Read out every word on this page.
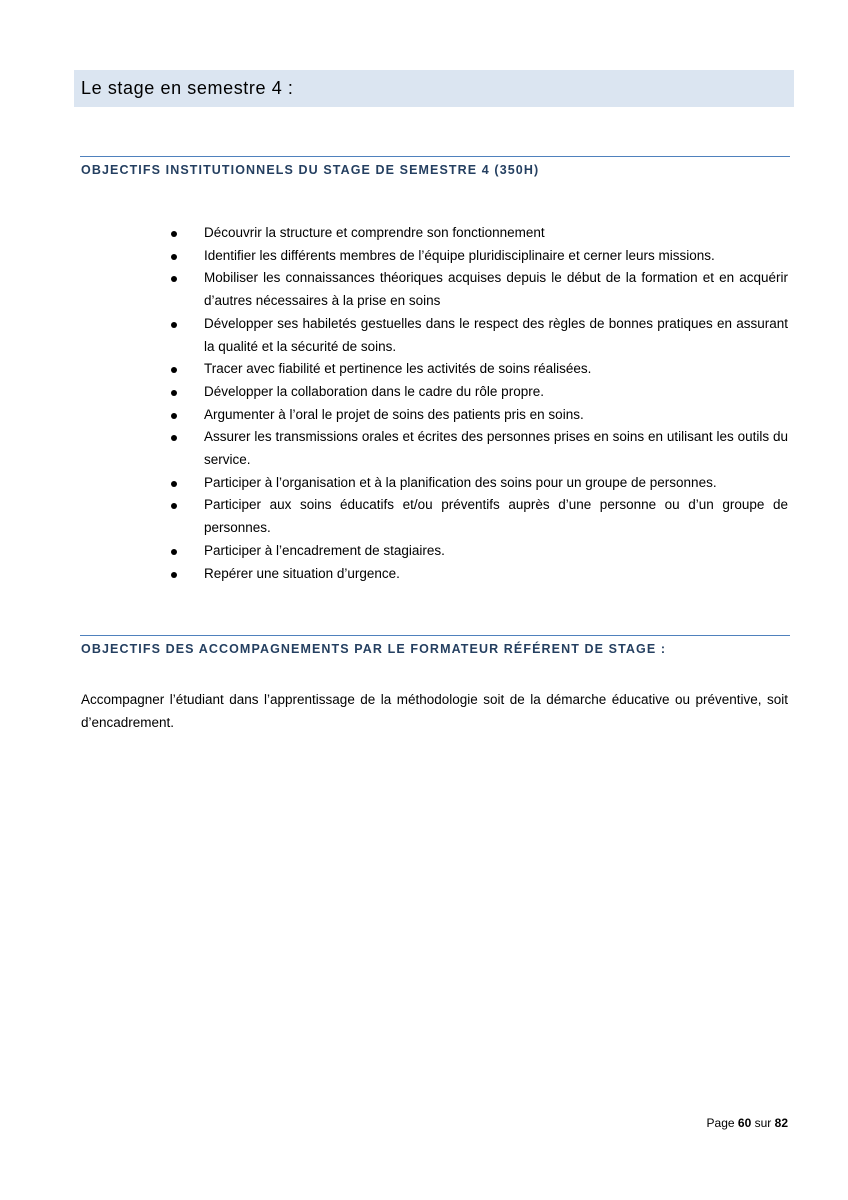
Le stage en semestre 4 :
OBJECTIFS INSTITUTIONNELS DU STAGE DE SEMESTRE 4 (350H)
Découvrir la structure et comprendre son fonctionnement
Identifier les différents membres de l’équipe pluridisciplinaire et cerner leurs missions.
Mobiliser les connaissances théoriques acquises depuis le début de la formation et en acquérir d’autres nécessaires à la prise en soins
Développer ses habiletés gestuelles dans le respect des règles de bonnes pratiques en assurant la qualité et la sécurité de soins.
Tracer avec fiabilité et pertinence les activités de soins réalisées.
Développer la collaboration dans le cadre du rôle propre.
Argumenter à l’oral le projet de soins des patients pris en soins.
Assurer les transmissions orales et écrites des personnes prises en soins en utilisant les outils du service.
Participer à l’organisation et à la planification des soins pour un groupe de personnes.
Participer aux soins éducatifs et/ou préventifs auprès d’une personne ou d’un groupe de personnes.
Participer à l’encadrement de stagiaires.
Repérer une situation d’urgence.
OBJECTIFS DES ACCOMPAGNEMENTS PAR LE FORMATEUR RÉFÉRENT DE STAGE :

Accompagner l’étudiant dans l’apprentissage de la méthodologie soit de la démarche éducative ou préventive, soit d’encadrement.

Page 60 sur 82
